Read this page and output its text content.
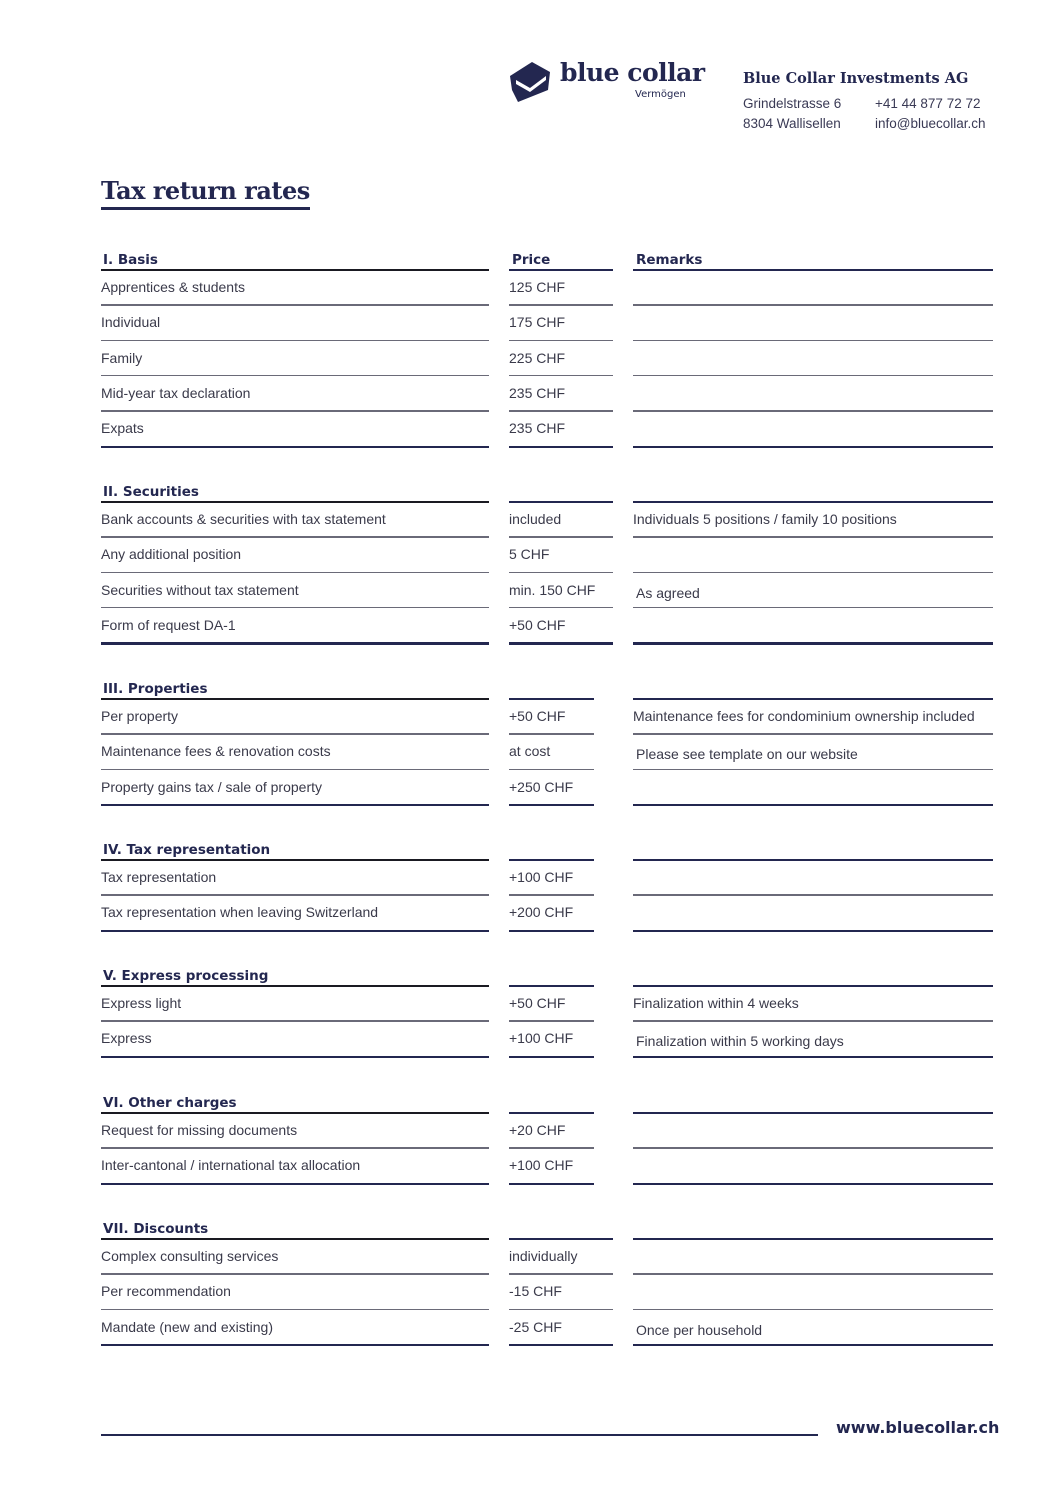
blue collar
Vermögen
Blue Collar Investments AG
Grindelstrasse 6
8304 Wallisellen
+41 44 877 72 72
info@bluecollar.ch
Tax return rates
I. Basis	Price	Remarks
Apprentices & students	125 CHF
Individual	175 CHF
Family	225 CHF
Mid-year tax declaration	235 CHF
Expats	235 CHF
II. Securities
Bank accounts & securities with tax statement	included	Individuals 5 positions / family 10 positions
Any additional position	5 CHF
Securities without tax statement	min. 150 CHF	As agreed
Form of request DA-1	+50 CHF
III. Properties
Per property	+50 CHF	Maintenance fees for condominium ownership included
Maintenance fees & renovation costs	at cost	Please see template on our website
Property gains tax / sale of property	+250 CHF
IV. Tax representation
Tax representation	+100 CHF
Tax representation when leaving Switzerland	+200 CHF
V. Express processing
Express light	+50 CHF	Finalization within 4 weeks
Express	+100 CHF	Finalization within 5 working days
VI. Other charges
Request for missing documents	+20 CHF
Inter-cantonal / international tax allocation	+100 CHF
VII. Discounts
Complex consulting services	individually
Per recommendation	-15 CHF
Mandate (new and existing)	-25 CHF	Once per household
www.bluecollar.ch
